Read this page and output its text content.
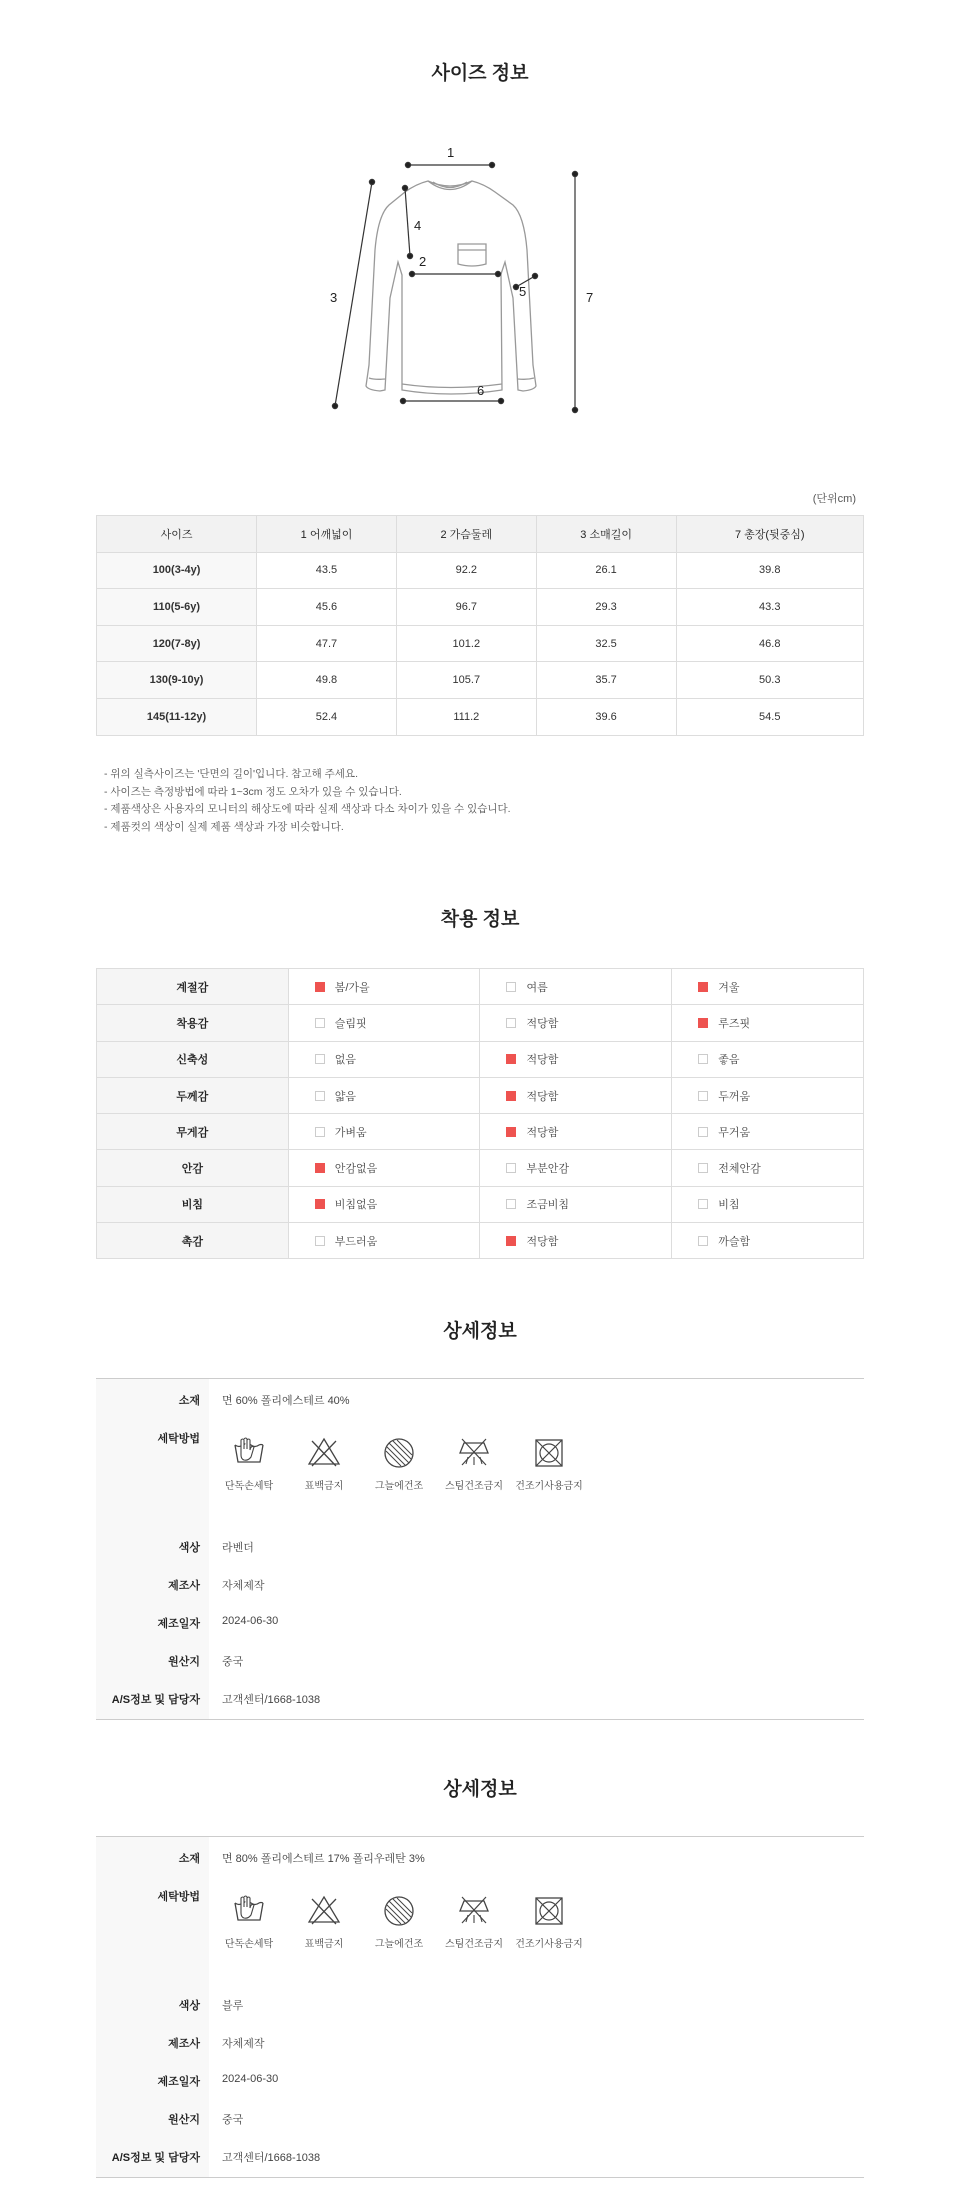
사이즈 정보
1
2
3
4
5
6
7
(단위cm)
사이즈	1 어깨넓이	2 가슴둘레	3 소매길이	7 총장(뒷중심)
100(3-4y)	43.5	92.2	26.1	39.8
110(5-6y)	45.6	96.7	29.3	43.3
120(7-8y)	47.7	101.2	32.5	46.8
130(9-10y)	49.8	105.7	35.7	50.3
145(11-12y)	52.4	111.2	39.6	54.5
- 위의 실측사이즈는 '단면의 길이'입니다. 참고해 주세요.
- 사이즈는 측정방법에 따라 1~3cm 정도 오차가 있을 수 있습니다.
- 제품색상은 사용자의 모니터의 해상도에 따라 실제 색상과 다소 차이가 있을 수 있습니다.
- 제품컷의 색상이 실제 제품 색상과 가장 비슷합니다.
착용 정보
계절감	봄/가을	여름	겨울
착용감	슬림핏	적당함	루즈핏
신축성	없음	적당함	좋음
두께감	얇음	적당함	두꺼움
무게감	가벼움	적당함	무거움
안감	안감없음	부분안감	전체안감
비침	비침없음	조금비침	비침
촉감	부드러움	적당함	까슬함
상세정보
소재 면 60% 폴리에스테르 40%
세탁방법
단독손세탁	표백금지	그늘에건조	스팀건조금지	건조기사용금지
색상 라벤더
제조사 자체제작
제조일자 2024-06-30
원산지 중국
A/S정보 및 담당자 고객센터/1668-1038
상세정보
소재 면 80% 폴리에스테르 17% 폴리우레탄 3%
세탁방법
단독손세탁	표백금지	그늘에건조	스팀건조금지	건조기사용금지
색상 블루
제조사 자체제작
제조일자 2024-06-30
원산지 중국
A/S정보 및 담당자 고객센터/1668-1038
